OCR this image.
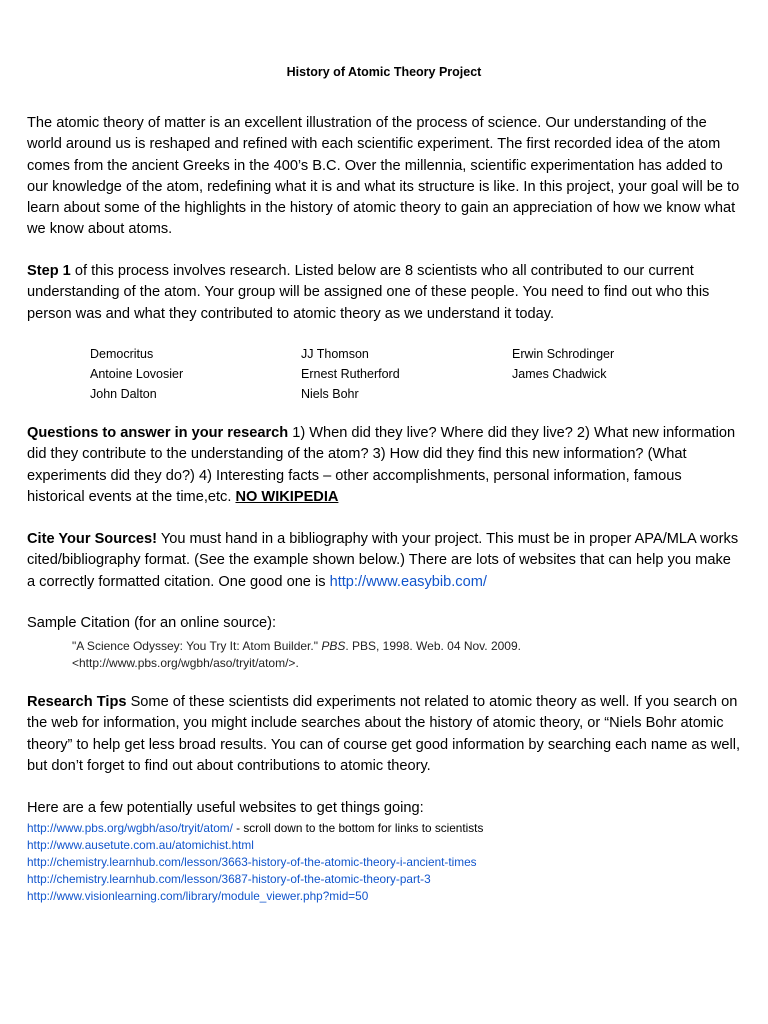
History of Atomic Theory Project
The atomic theory of matter is an excellent illustration of the process of science. Our understanding of the world around us is reshaped and refined with each scientific experiment. The first recorded idea of the atom comes from the ancient Greeks in the 400’s B.C. Over the millennia, scientific experimentation has added to our knowledge of the atom, redefining what it is and what its structure is like. In this project, your goal will be to learn about some of the highlights in the history of atomic theory to gain an appreciation of how we know what we know about atoms.
Step 1 of this process involves research. Listed below are 8 scientists who all contributed to our current understanding of the atom. Your group will be assigned one of these people. You need to find out who this person was and what they contributed to atomic theory as we understand it today.
Democritus	JJ Thomson	Erwin Schrodinger
Antoine Lovosier	Ernest Rutherford	James Chadwick
John Dalton	Niels Bohr
Questions to answer in your research 1) When did they live? Where did they live? 2) What new information did they contribute to the understanding of the atom? 3) How did they find this new information? (What experiments did they do?) 4) Interesting facts – other accomplishments, personal information, famous historical events at the time,etc. NO WIKIPEDIA
Cite Your Sources! You must hand in a bibliography with your project. This must be in proper APA/MLA works cited/bibliography format. (See the example shown below.) There are lots of websites that can help you make a correctly formatted citation. One good one is http://www.easybib.com/
Sample Citation (for an online source):
"A Science Odyssey: You Try It: Atom Builder." PBS. PBS, 1998. Web. 04 Nov. 2009. <http://www.pbs.org/wgbh/aso/tryit/atom/>.
Research Tips Some of these scientists did experiments not related to atomic theory as well. If you search on the web for information, you might include searches about the history of atomic theory, or “Niels Bohr atomic theory” to help get less broad results. You can of course get good information by searching each name as well, but don’t forget to find out about contributions to atomic theory.
Here are a few potentially useful websites to get things going:
http://www.pbs.org/wgbh/aso/tryit/atom/ - scroll down to the bottom for links to scientists
http://www.ausetute.com.au/atomichist.html
http://chemistry.learnhub.com/lesson/3663-history-of-the-atomic-theory-i-ancient-times
http://chemistry.learnhub.com/lesson/3687-history-of-the-atomic-theory-part-3
http://www.visionlearning.com/library/module_viewer.php?mid=50
